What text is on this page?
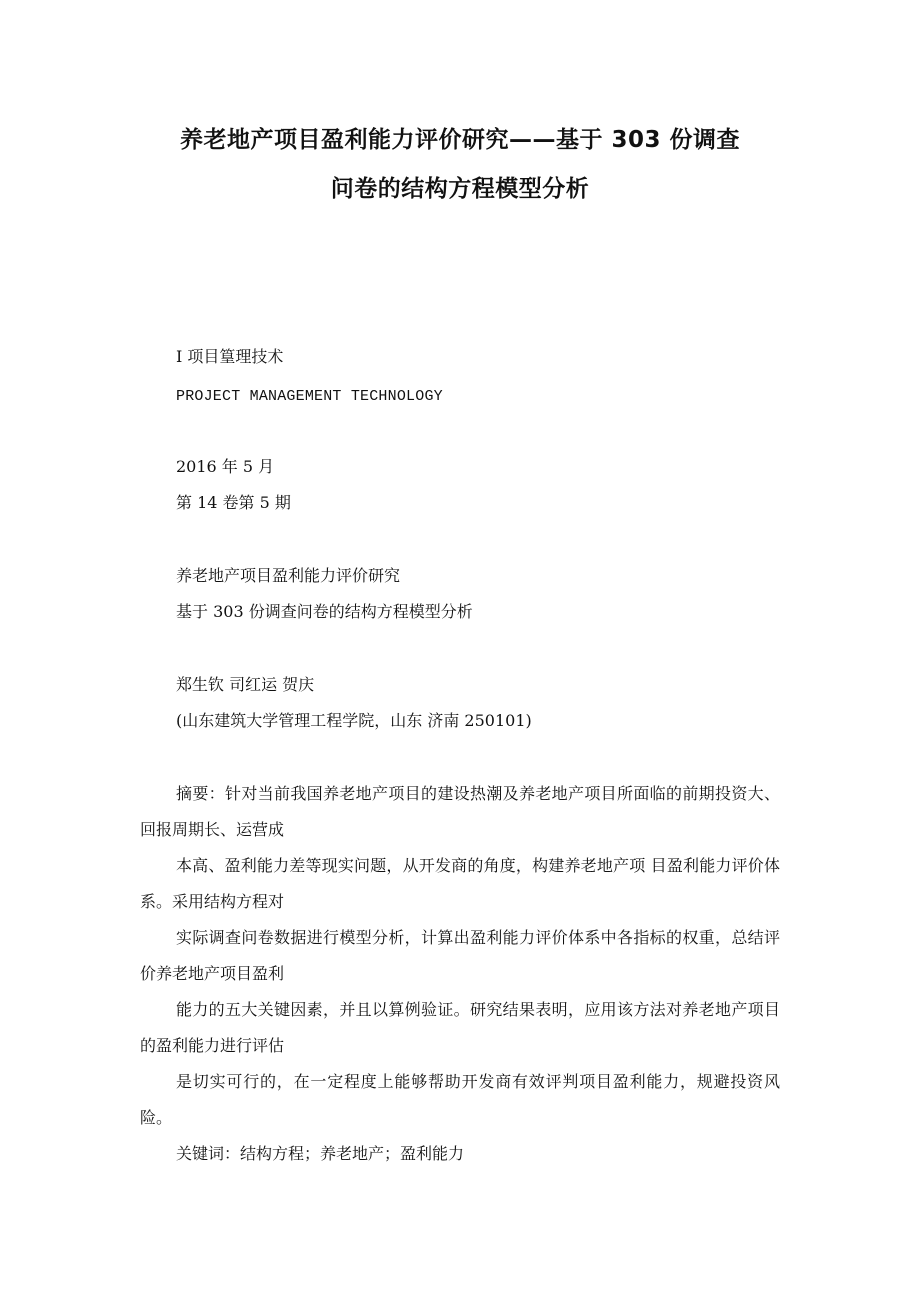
养老地产项目盈利能力评价研究——基于 303 份调查
问卷的结构方程模型分析
I 项目篁理技术
PROJECT MANAGEMENT TECHNOLOGY
2016 年 5 月
第 14 卷第 5 期
养老地产项目盈利能力评价研究
基于 303 份调查问卷的结构方程模型分析
郑生钦 司红运 贺庆
(山东建筑大学管理工程学院，山东 济南 250101)
摘要：针对当前我国养老地产项目的建设热潮及养老地产项目所面临的前期投资大、回报周期长、运营成
本高、盈利能力差等现实问题，从开发商的角度，构建养老地产项 目盈利能力评价体系。采用结构方程对
实际调查问卷数据进行模型分析，计算出盈利能力评价体系中各指标的权重，总结评价养老地产项目盈利
能力的五大关键因素，并且以算例验证。研究结果表明，应用该方法对养老地产项目的盈利能力进行评估
是切实可行的，在一定程度上能够帮助开发商有效评判项目盈利能力，规避投资风 险。
关键词：结构方程；养老地产；盈利能力
